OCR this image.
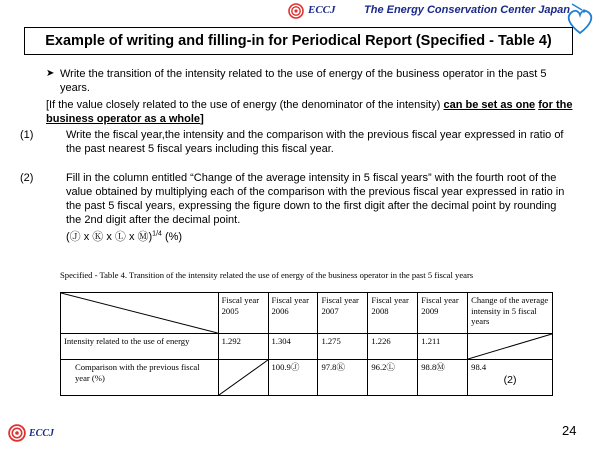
ECCJ	The Energy Conservation Center Japan
Example of writing and filling-in for Periodical Report (Specified - Table 4)
➤ Write the transition of the intensity related to the use of energy of the business operator in the past 5 years.
[If the value closely related to the use of energy (the denominator of the intensity) can be set as one for the business operator as a whole]
(1)	Write the fiscal year,the intensity and the comparison with the previous fiscal year expressed in ratio of the past nearest 5 fiscal years including this fiscal year.
(2)	Fill in the column entitled “Change of the average intensity in 5 fiscal years” with the fourth root of the value obtained by multiplying each of the comparison with the previous fiscal year expressed in ratio in the past 5 fiscal years, expressing the figure down to the first digit after the decimal point by rounding the 2nd digit after the decimal point.
(Ⓙ x Ⓚ x Ⓛ x Ⓜ)$^{1/4}$ (%)
Specified - Table 4. Transition of the intensity related the use of energy of the business operator in the past 5 fiscal years
	Fiscal year 2005	Fiscal year 2006	Fiscal year 2007	Fiscal year 2008	Fiscal year 2009	Change of the average intensity in 5 fiscal years
Intensity related to the use of energy	1.292	1.304	1.275	1.226	1.211	

Comparison with the previous fiscal year (%)		100.9Ⓙ	97.8Ⓚ	96.2Ⓛ	98.8Ⓜ	98.4
(2)
ECCJ	24
